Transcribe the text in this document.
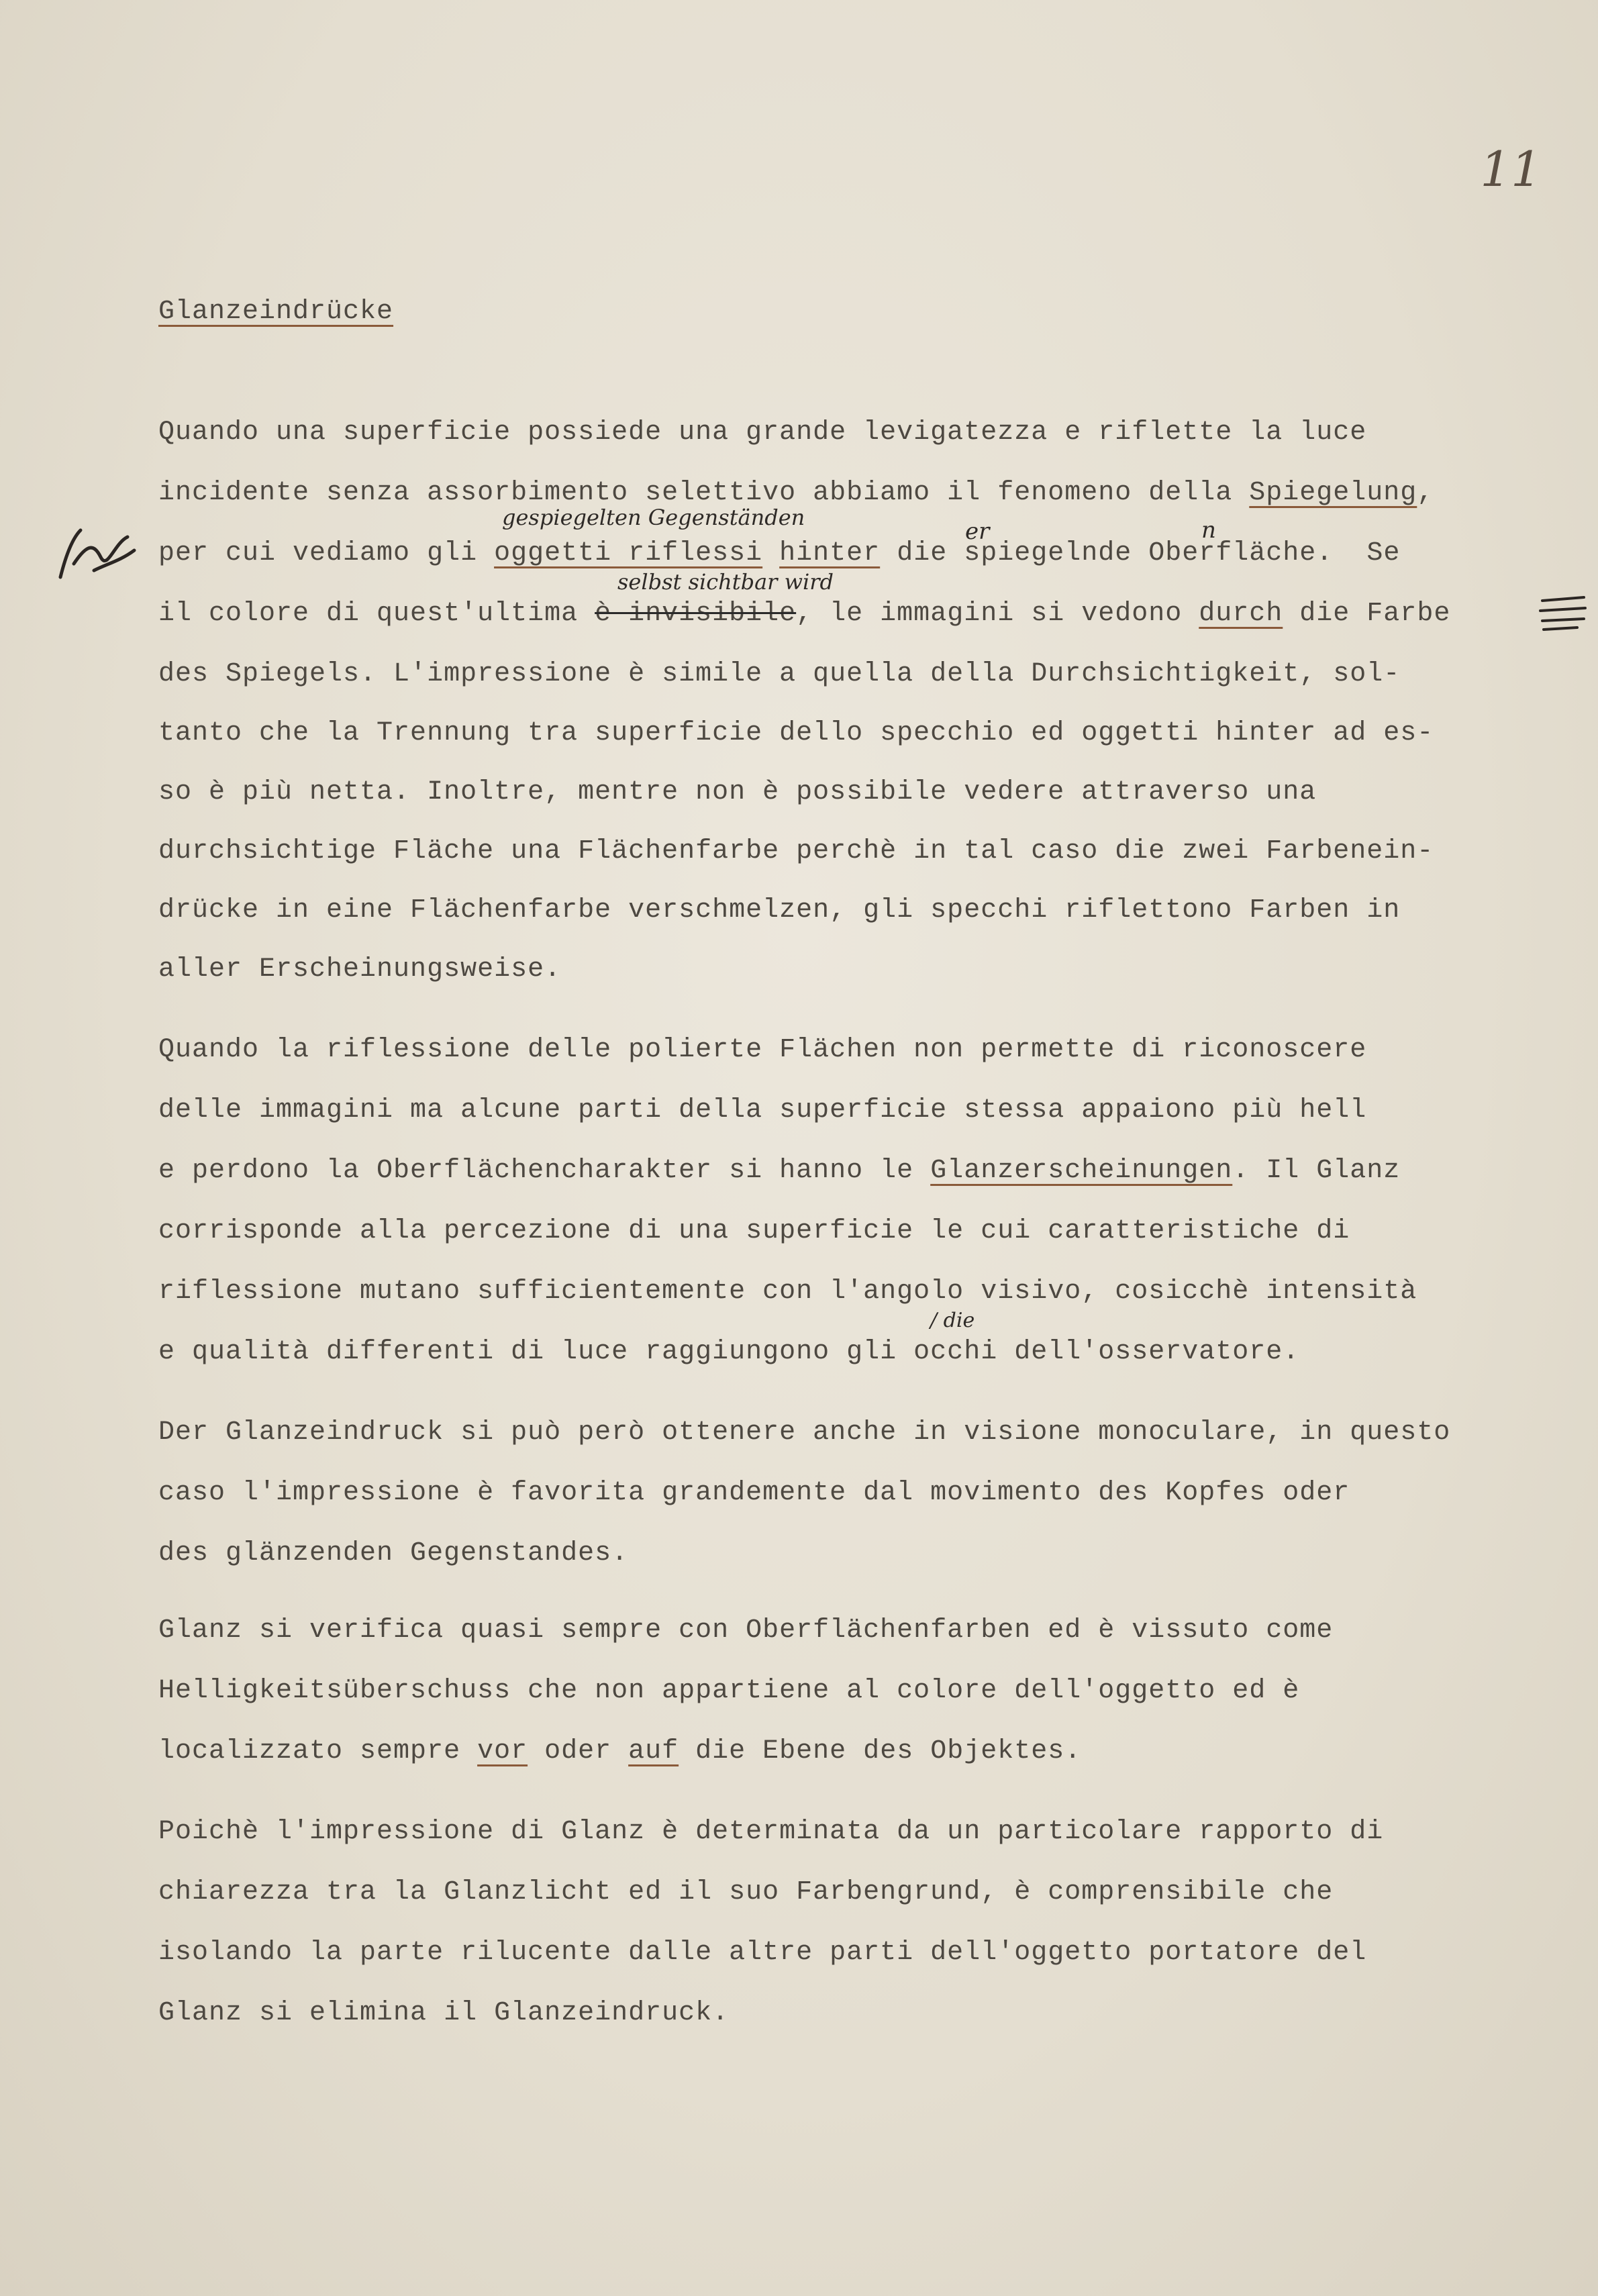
11
Glanzeindrücke
Quando una superficie possiede una grande levigatezza e riflette la luce
incidente senza assorbimento selettivo abbiamo il fenomeno della Spiegelung,
per cui vediamo gli oggetti riflessi hinter die spiegelnde Oberfläche.  Se
il colore di quest'ultima è invisibile, le immagini si vedono durch die Farbe
des Spiegels. L'impressione è simile a quella della Durchsichtigkeit, sol-
tanto che la Trennung tra superficie dello specchio ed oggetti hinter ad es-
so è più netta. Inoltre, mentre non è possibile vedere attraverso una
durchsichtige Fläche una Flächenfarbe perchè in tal caso die zwei Farbenein-
drücke in eine Flächenfarbe verschmelzen, gli specchi riflettono Farben in
aller Erscheinungsweise.
gespiegelten Gegenständen
er	n
selbst sichtbar wird
/ die
Quando la riflessione delle polierte Flächen non permette di riconoscere
delle immagini ma alcune parti della superficie stessa appaiono più hell
e perdono la Oberflächencharakter si hanno le Glanzerscheinungen. Il Glanz
corrisponde alla percezione di una superficie le cui caratteristiche di
riflessione mutano sufficientemente con l'angolo visivo, cosicchè intensità
e qualità differenti di luce raggiungono gli occhi dell'osservatore.
Der Glanzeindruck si può però ottenere anche in visione monoculare, in questo
caso l'impressione è favorita grandemente dal movimento des Kopfes oder
des glänzenden Gegenstandes.
Glanz si verifica quasi sempre con Oberflächenfarben ed è vissuto come
Helligkeitsüberschuss che non appartiene al colore dell'oggetto ed è
localizzato sempre vor oder auf die Ebene des Objektes.
Poichè l'impressione di Glanz è determinata da un particolare rapporto di
chiarezza tra la Glanzlicht ed il suo Farbengrund, è comprensibile che
isolando la parte rilucente dalle altre parti dell'oggetto portatore del
Glanz si elimina il Glanzeindruck.
